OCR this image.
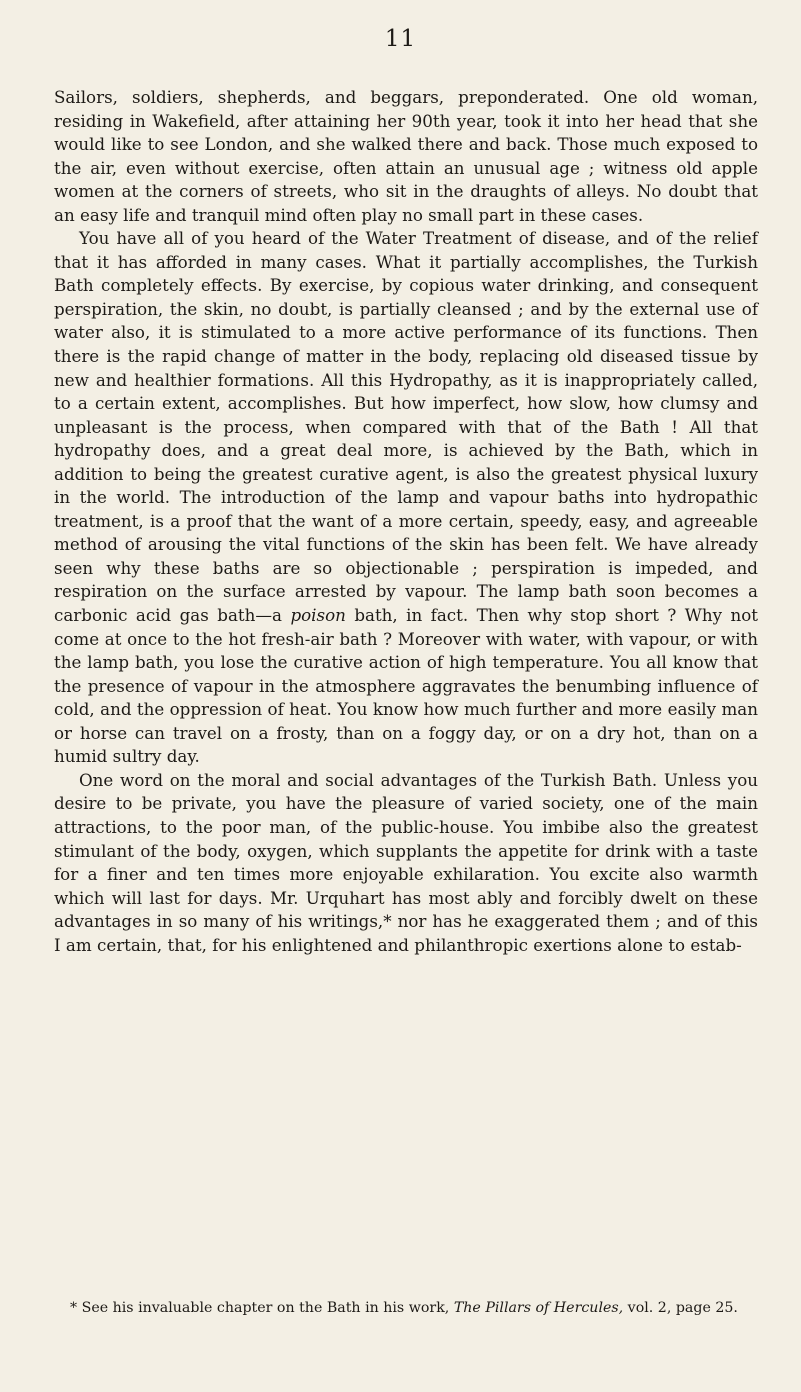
11

Sailors, soldiers, shepherds, and beggars, preponderated. One old woman, residing in Wakefield, after attaining her 90th year, took it into her head that she would like to see London, and she walked there and back. Those much exposed to the air, even without exercise, often attain an unusual age ; witness old apple women at the corners of streets, who sit in the draughts of alleys. No doubt that an easy life and tranquil mind often play no small part in these cases.

You have all of you heard of the Water Treatment of disease, and of the relief that it has afforded in many cases. What it partially accomplishes, the Turkish Bath completely effects. By exercise, by copious water drinking, and consequent perspiration, the skin, no doubt, is partially cleansed ; and by the external use of water also, it is stimulated to a more active performance of its functions. Then there is the rapid change of matter in the body, replacing old diseased tissue by new and healthier formations. All this Hydropathy, as it is inappropriately called, to a certain extent, accomplishes. But how imperfect, how slow, how clumsy and unpleasant is the process, when compared with that of the Bath ! All that hydropathy does, and a great deal more, is achieved by the Bath, which in addition to being the greatest curative agent, is also the greatest physical luxury in the world. The introduction of the lamp and vapour baths into hydropathic treatment, is a proof that the want of a more certain, speedy, easy, and agreeable method of arousing the vital functions of the skin has been felt. We have already seen why these baths are so objectionable ; perspiration is impeded, and respiration on the surface arrested by vapour. The lamp bath soon becomes a carbonic acid gas bath—a poison bath, in fact. Then why stop short ? Why not come at once to the hot fresh-air bath ? Moreover with water, with vapour, or with the lamp bath, you lose the curative action of high temperature. You all know that the presence of vapour in the atmosphere aggravates the benumbing influence of cold, and the oppression of heat. You know how much further and more easily man or horse can travel on a frosty, than on a foggy day, or on a dry hot, than on a humid sultry day.

One word on the moral and social advantages of the Turkish Bath. Unless you desire to be private, you have the pleasure of varied society, one of the main attractions, to the poor man, of the public-house. You imbibe also the greatest stimulant of the body, oxygen, which supplants the appetite for drink with a taste for a finer and ten times more enjoyable exhilaration. You excite also warmth which will last for days. Mr. Urquhart has most ably and forcibly dwelt on these advantages in so many of his writings,* nor has he exaggerated them ; and of this I am certain, that, for his enlightened and philanthropic exertions alone to estab-

* See his invaluable chapter on the Bath in his work, The Pillars of Hercules, vol. 2, page 25.
